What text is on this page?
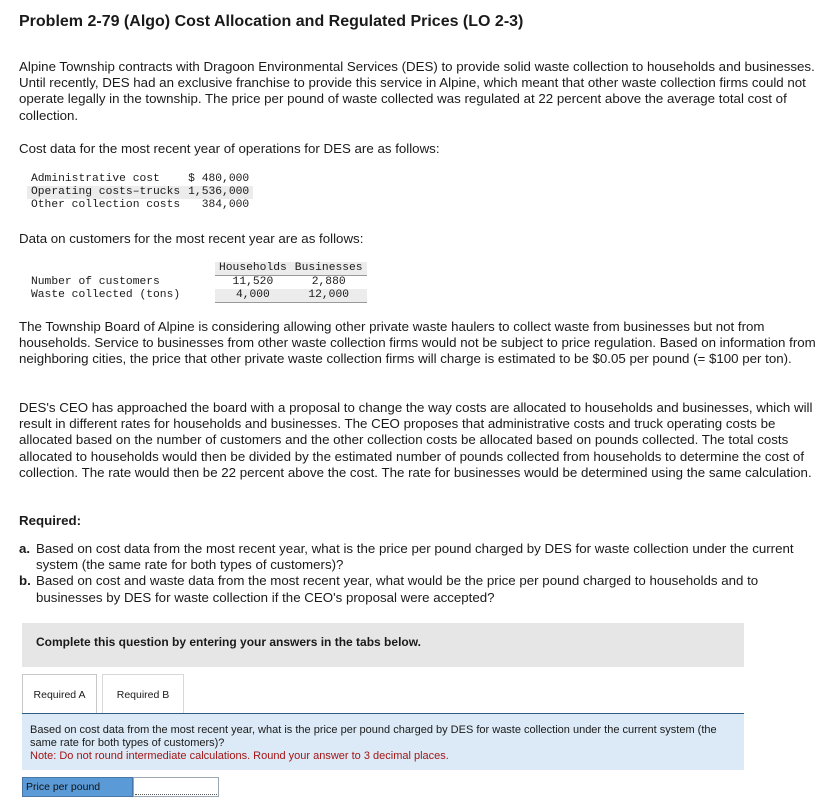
Problem 2-79 (Algo) Cost Allocation and Regulated Prices (LO 2-3)

Alpine Township contracts with Dragoon Environmental Services (DES) to provide solid waste collection to households and businesses. Until recently, DES had an exclusive franchise to provide this service in Alpine, which meant that other waste collection firms could not operate legally in the township. The price per pound of waste collected was regulated at 22 percent above the average total cost of collection.

Cost data for the most recent year of operations for DES are as follows:

Administrative cost	$ 480,000
Operating costs–trucks	1,536,000
Other collection costs	384,000

Data on customers for the most recent year are as follows:

	Households	Businesses
Number of customers	11,520	2,880
Waste collected (tons)	4,000	12,000

The Township Board of Alpine is considering allowing other private waste haulers to collect waste from businesses but not from households. Service to businesses from other waste collection firms would not be subject to price regulation. Based on information from neighboring cities, the price that other private waste collection firms will charge is estimated to be $0.05 per pound (= $100 per ton).

DES's CEO has approached the board with a proposal to change the way costs are allocated to households and businesses, which will result in different rates for households and businesses. The CEO proposes that administrative costs and truck operating costs be allocated based on the number of customers and the other collection costs be allocated based on pounds collected. The total costs allocated to households would then be divided by the estimated number of pounds collected from households to determine the cost of collection. The rate would then be 22 percent above the cost. The rate for businesses would be determined using the same calculation.

Required:
a. Based on cost data from the most recent year, what is the price per pound charged by DES for waste collection under the current system (the same rate for both types of customers)?
b. Based on cost and waste data from the most recent year, what would be the price per pound charged to households and to businesses by DES for waste collection if the CEO's proposal were accepted?
Complete this question by entering your answers in the tabs below.
Required A	Required B
Based on cost data from the most recent year, what is the price per pound charged by DES for waste collection under the current system (the same rate for both types of customers)?
Note: Do not round intermediate calculations. Round your answer to 3 decimal places.
Price per pound
